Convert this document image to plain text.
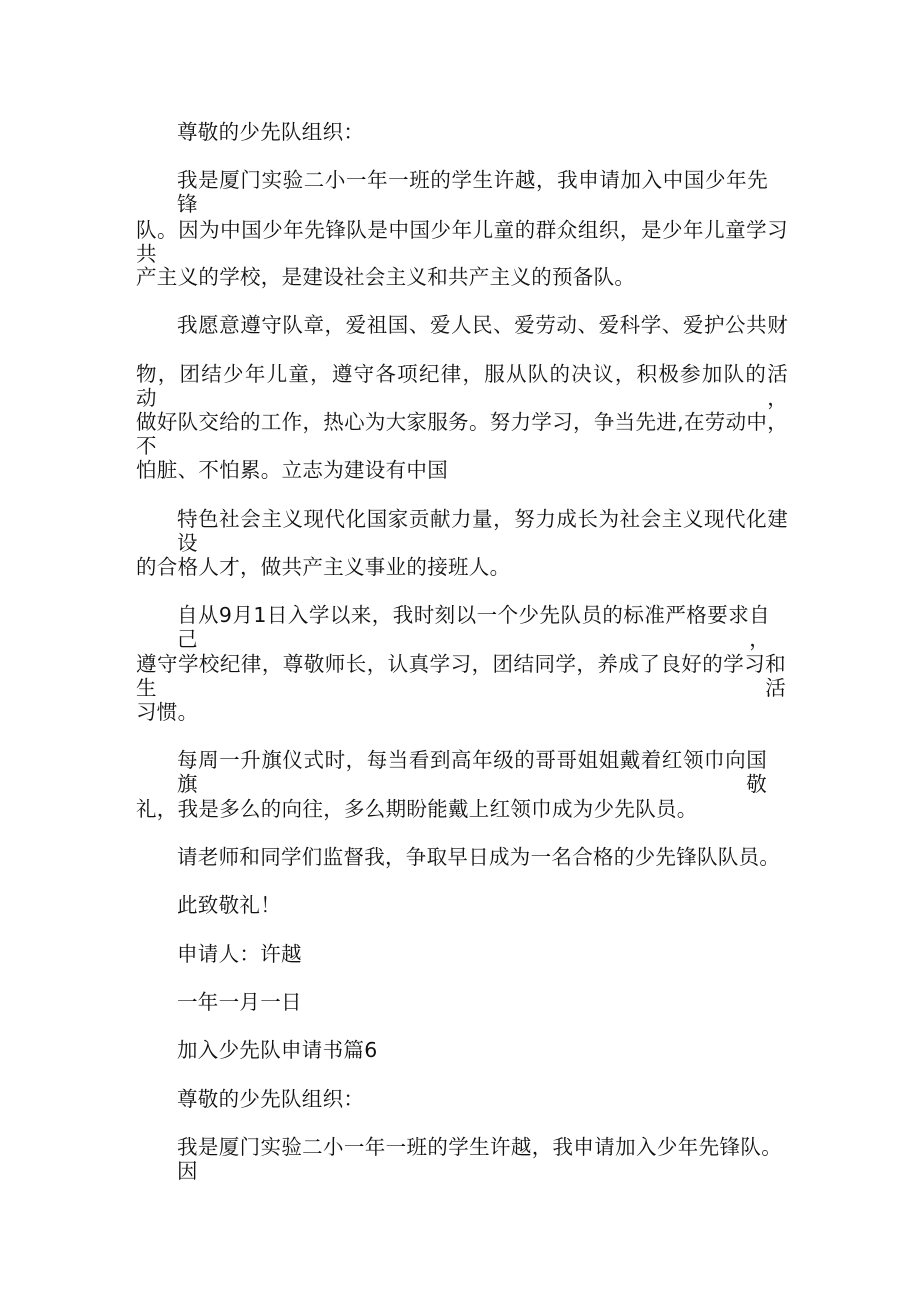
尊敬的少先队组织：
我是厦门实验二小一年一班的学生许越，我申请加入中国少年先锋
队。因为中国少年先锋队是中国少年儿童的群众组织，是少年儿童学习共
产主义的学校，是建设社会主义和共产主义的预备队。
我愿意遵守队章，爱祖国、爱人民、爱劳动、爱科学、爱护公共财
物，团结少年儿童，遵守各项纪律，服从队的决议，积极参加队的活动，
做好队交给的工作，热心为大家服务。努力学习，争当先进,在劳动中，不
怕脏、不怕累。立志为建设有中国
特色社会主义现代化国家贡献力量，努力成长为社会主义现代化建设
的合格人才，做共产主义事业的接班人。
自从9月1日入学以来，我时刻以一个少先队员的标准严格要求自己，
遵守学校纪律，尊敬师长，认真学习，团结同学，养成了良好的学习和生活
习惯。
每周一升旗仪式时，每当看到高年级的哥哥姐姐戴着红领巾向国旗敬
礼，我是多么的向往，多么期盼能戴上红领巾成为少先队员。
请老师和同学们监督我，争取早日成为一名合格的少先锋队队员。
此致敬礼！
申请人：许越
一年一月一日
加入少先队申请书篇6
尊敬的少先队组织：
我是厦门实验二小一年一班的学生许越，我申请加入少年先锋队。因
